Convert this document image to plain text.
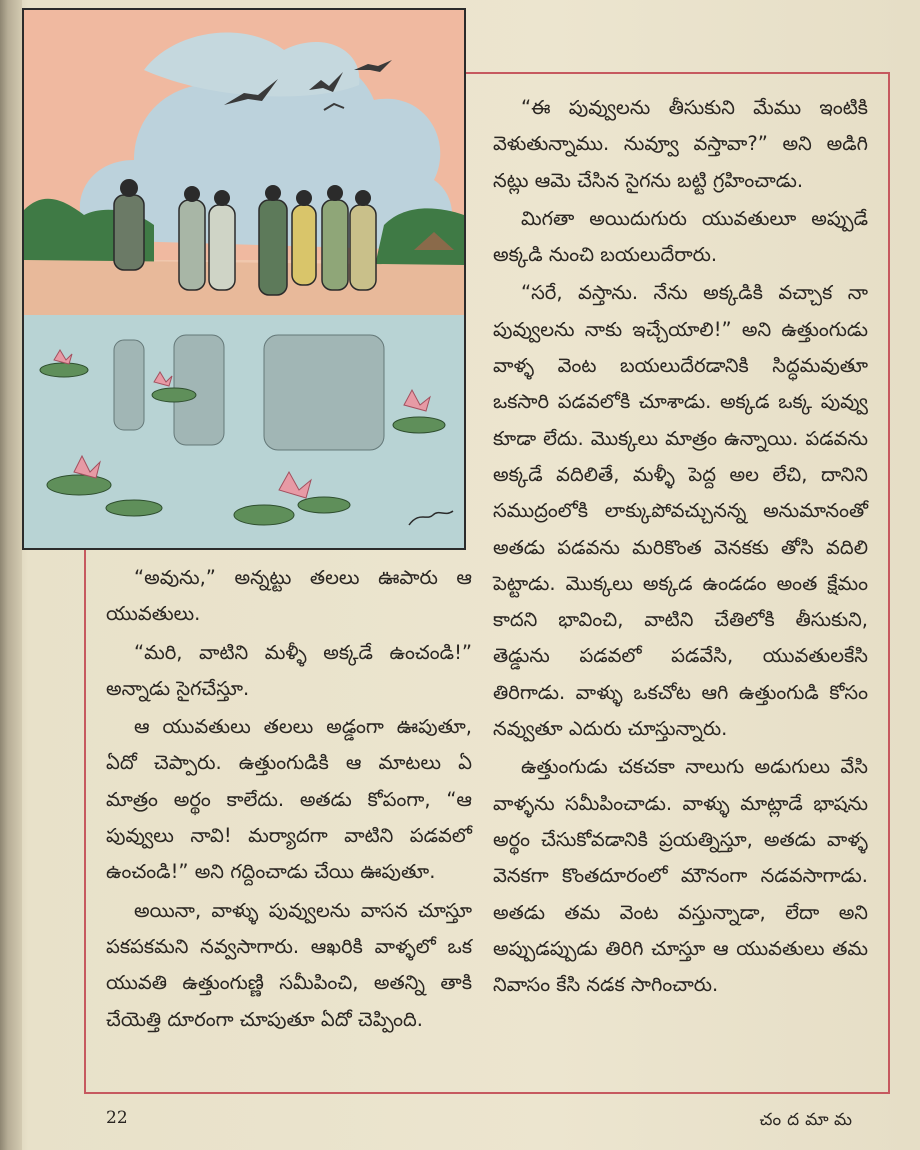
“అవును,” అన్నట్టు తలలు ఊపారు ఆ యువతులు.

“మరి, వాటిని మళ్ళీ అక్కడే ఉంచండి!” అన్నాడు సైగచేస్తూ.

ఆ యువతులు తలలు అడ్డంగా ఊపుతూ, ఏదో చెప్పారు. ఉత్తుంగుడికి ఆ మాటలు ఏ మాత్రం అర్థం కాలేదు. అతడు కోపంగా, “ఆ పువ్వులు నావి! మర్యాదగా వాటిని పడవలో ఉంచండి!” అని గద్దించాడు చేయి ఊపుతూ.

అయినా, వాళ్ళు పువ్వులను వాసన చూస్తూ పకపకమని నవ్వసాగారు. ఆఖరికి వాళ్ళలో ఒక యువతి ఉత్తుంగుణ్ణి సమీపించి, అతన్ని తాకి చేయెత్తి దూరంగా చూపుతూ ఏదో చెప్పింది.

“ఈ పువ్వులను తీసుకుని మేము ఇంటికి వెళుతున్నాము. నువ్వూ వస్తావా?” అని అడిగి నట్లు ఆమె చేసిన సైగను బట్టి గ్రహించాడు.

మిగతా అయిదుగురు యువతులూ అప్పుడే అక్కడి నుంచి బయలుదేరారు.

“సరే, వస్తాను. నేను అక్కడికి వచ్చాక నా పువ్వులను నాకు ఇచ్చేయాలి!” అని ఉత్తుంగుడు వాళ్ళ వెంట బయలుదేరడానికి సిద్ధమవుతూ ఒకసారి పడవలోకి చూశాడు. అక్కడ ఒక్క పువ్వు కూడా లేదు. మొక్కలు మాత్రం ఉన్నాయి. పడవను అక్కడే వదిలితే, మళ్ళీ పెద్ద అల లేచి, దానిని సముద్రంలోకి లాక్కుపోవచ్చునన్న అనుమానంతో అతడు పడవను మరికొంత వెనకకు తోసి వదిలి పెట్టాడు. మొక్కలు అక్కడ ఉండడం అంత క్షేమం కాదని భావించి, వాటిని చేతిలోకి తీసుకుని, తెడ్డును పడవలో పడవేసి, యువతులకేసి తిరిగాడు. వాళ్ళు ఒకచోట ఆగి ఉత్తుంగుడి కోసం నవ్వుతూ ఎదురు చూస్తున్నారు.

ఉత్తుంగుడు చకచకా నాలుగు అడుగులు వేసి వాళ్ళను సమీపించాడు. వాళ్ళు మాట్లాడే భాషను అర్థం చేసుకోవడానికి ప్రయత్నిస్తూ, అతడు వాళ్ళ వెనకగా కొంతదూరంలో మౌనంగా నడవసాగాడు. అతడు తమ వెంట వస్తున్నాడా, లేదా అని అప్పుడప్పుడు తిరిగి చూస్తూ ఆ యువతులు తమ నివాసం కేసి నడక సాగించారు.

22	చందమామ
